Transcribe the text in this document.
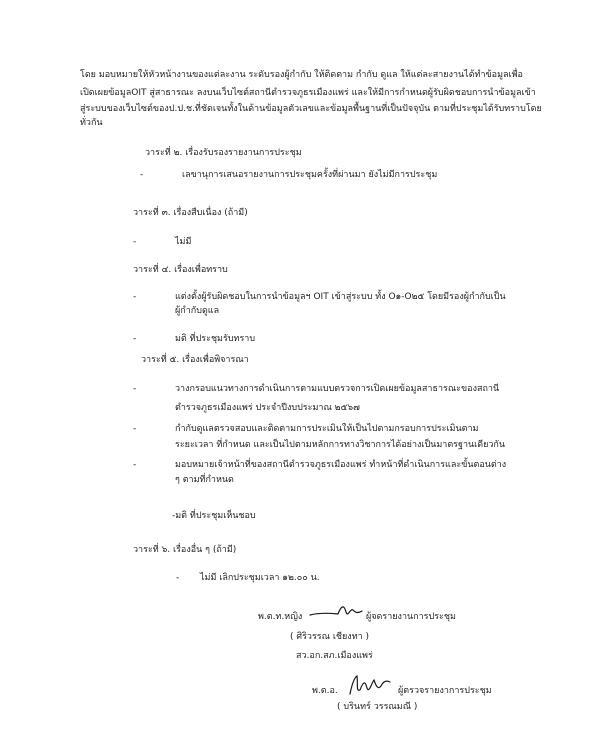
โดย มอบหมายให้หัวหน้างานของแต่ละงาน ระดับรองผู้กำกับ ให้ติดตาม กำกับ ดูแล ให้แต่ละสายงานได้ทำข้อมูลเพื่อ
เปิดเผยข้อมูลOIT สู่สาธารณะ ลงบนเว็บไซต์สถานีตำรวจภูธรเมืองแพร่ และให้มีการกำหนดผู้รับผิดชอบการนำข้อมูลเข้า
สู่ระบบของเว็บไซต์ของป.ป.ช.ที่ชัดเจนทั้งในด้านข้อมูลตัวเลขและข้อมูลพื้นฐานที่เป็นปัจจุบัน ตามที่ประชุมได้รับทราบโดย
ทั่วกัน
วาระที่ ๒. เรื่องรับรองรายงานการประชุม
-	เลขานุการเสนอรายงานการประชุมครั้งที่ผ่านมา ยังไม่มีการประชุม
วาระที่ ๓. เรื่องสืบเนื่อง (ถ้ามี)
-	ไม่มี
วาระที่ ๔. เรื่องเพื่อทราบ
-	แต่งตั้งผู้รับผิดชอบในการนำข้อมูลฯ OIT เข้าสู่ระบบ ทั้ง O๑-O๒๕ โดยมีรองผู้กำกับเป็น
ผู้กำกับดูแล
-	มติ ที่ประชุมรับทราบ
วาระที่ ๕. เรื่องเพื่อพิจารณา
-	วางกรอบแนวทางการดำเนินการตามแบบตรวจการเปิดเผยข้อมูลสาธารณะของสถานี
ตำรวจภูธรเมืองแพร่ ประจำปีงบประมาณ ๒๕๖๗
-	กำกับดูแลตรวจสอบและติดตามการประเมินให้เป็นไปตามกรอบการประเมินตาม
ระยะเวลา ที่กำหนด และเป็นไปตามหลักการทางวิชาการได้อย่างเป็นมาตรฐานเดียวกัน
-	มอบหมายเจ้าหน้าที่ของสถานีตำรวจภูธรเมืองแพร่ ทำหน้าที่ดำเนินการและขั้นตอนต่าง
ๆ ตามที่กำหนด
-มติ ที่ประชุมเห็นชอบ
วาระที่ ๖. เรื่องอื่น ๆ (ถ้ามี)
- ไม่มี เลิกประชุมเวลา ๑๒.๐๐ น.
พ.ต.ท.หญิง	ผู้จดรายงานการประชุม
( ศิริวรรณ เชียงทา )
สว.อก.สภ.เมืองแพร่
พ.ต.อ.	ผู้ตรวจรายงาการประชุม
( บรินทร์ วรรณมณี )
